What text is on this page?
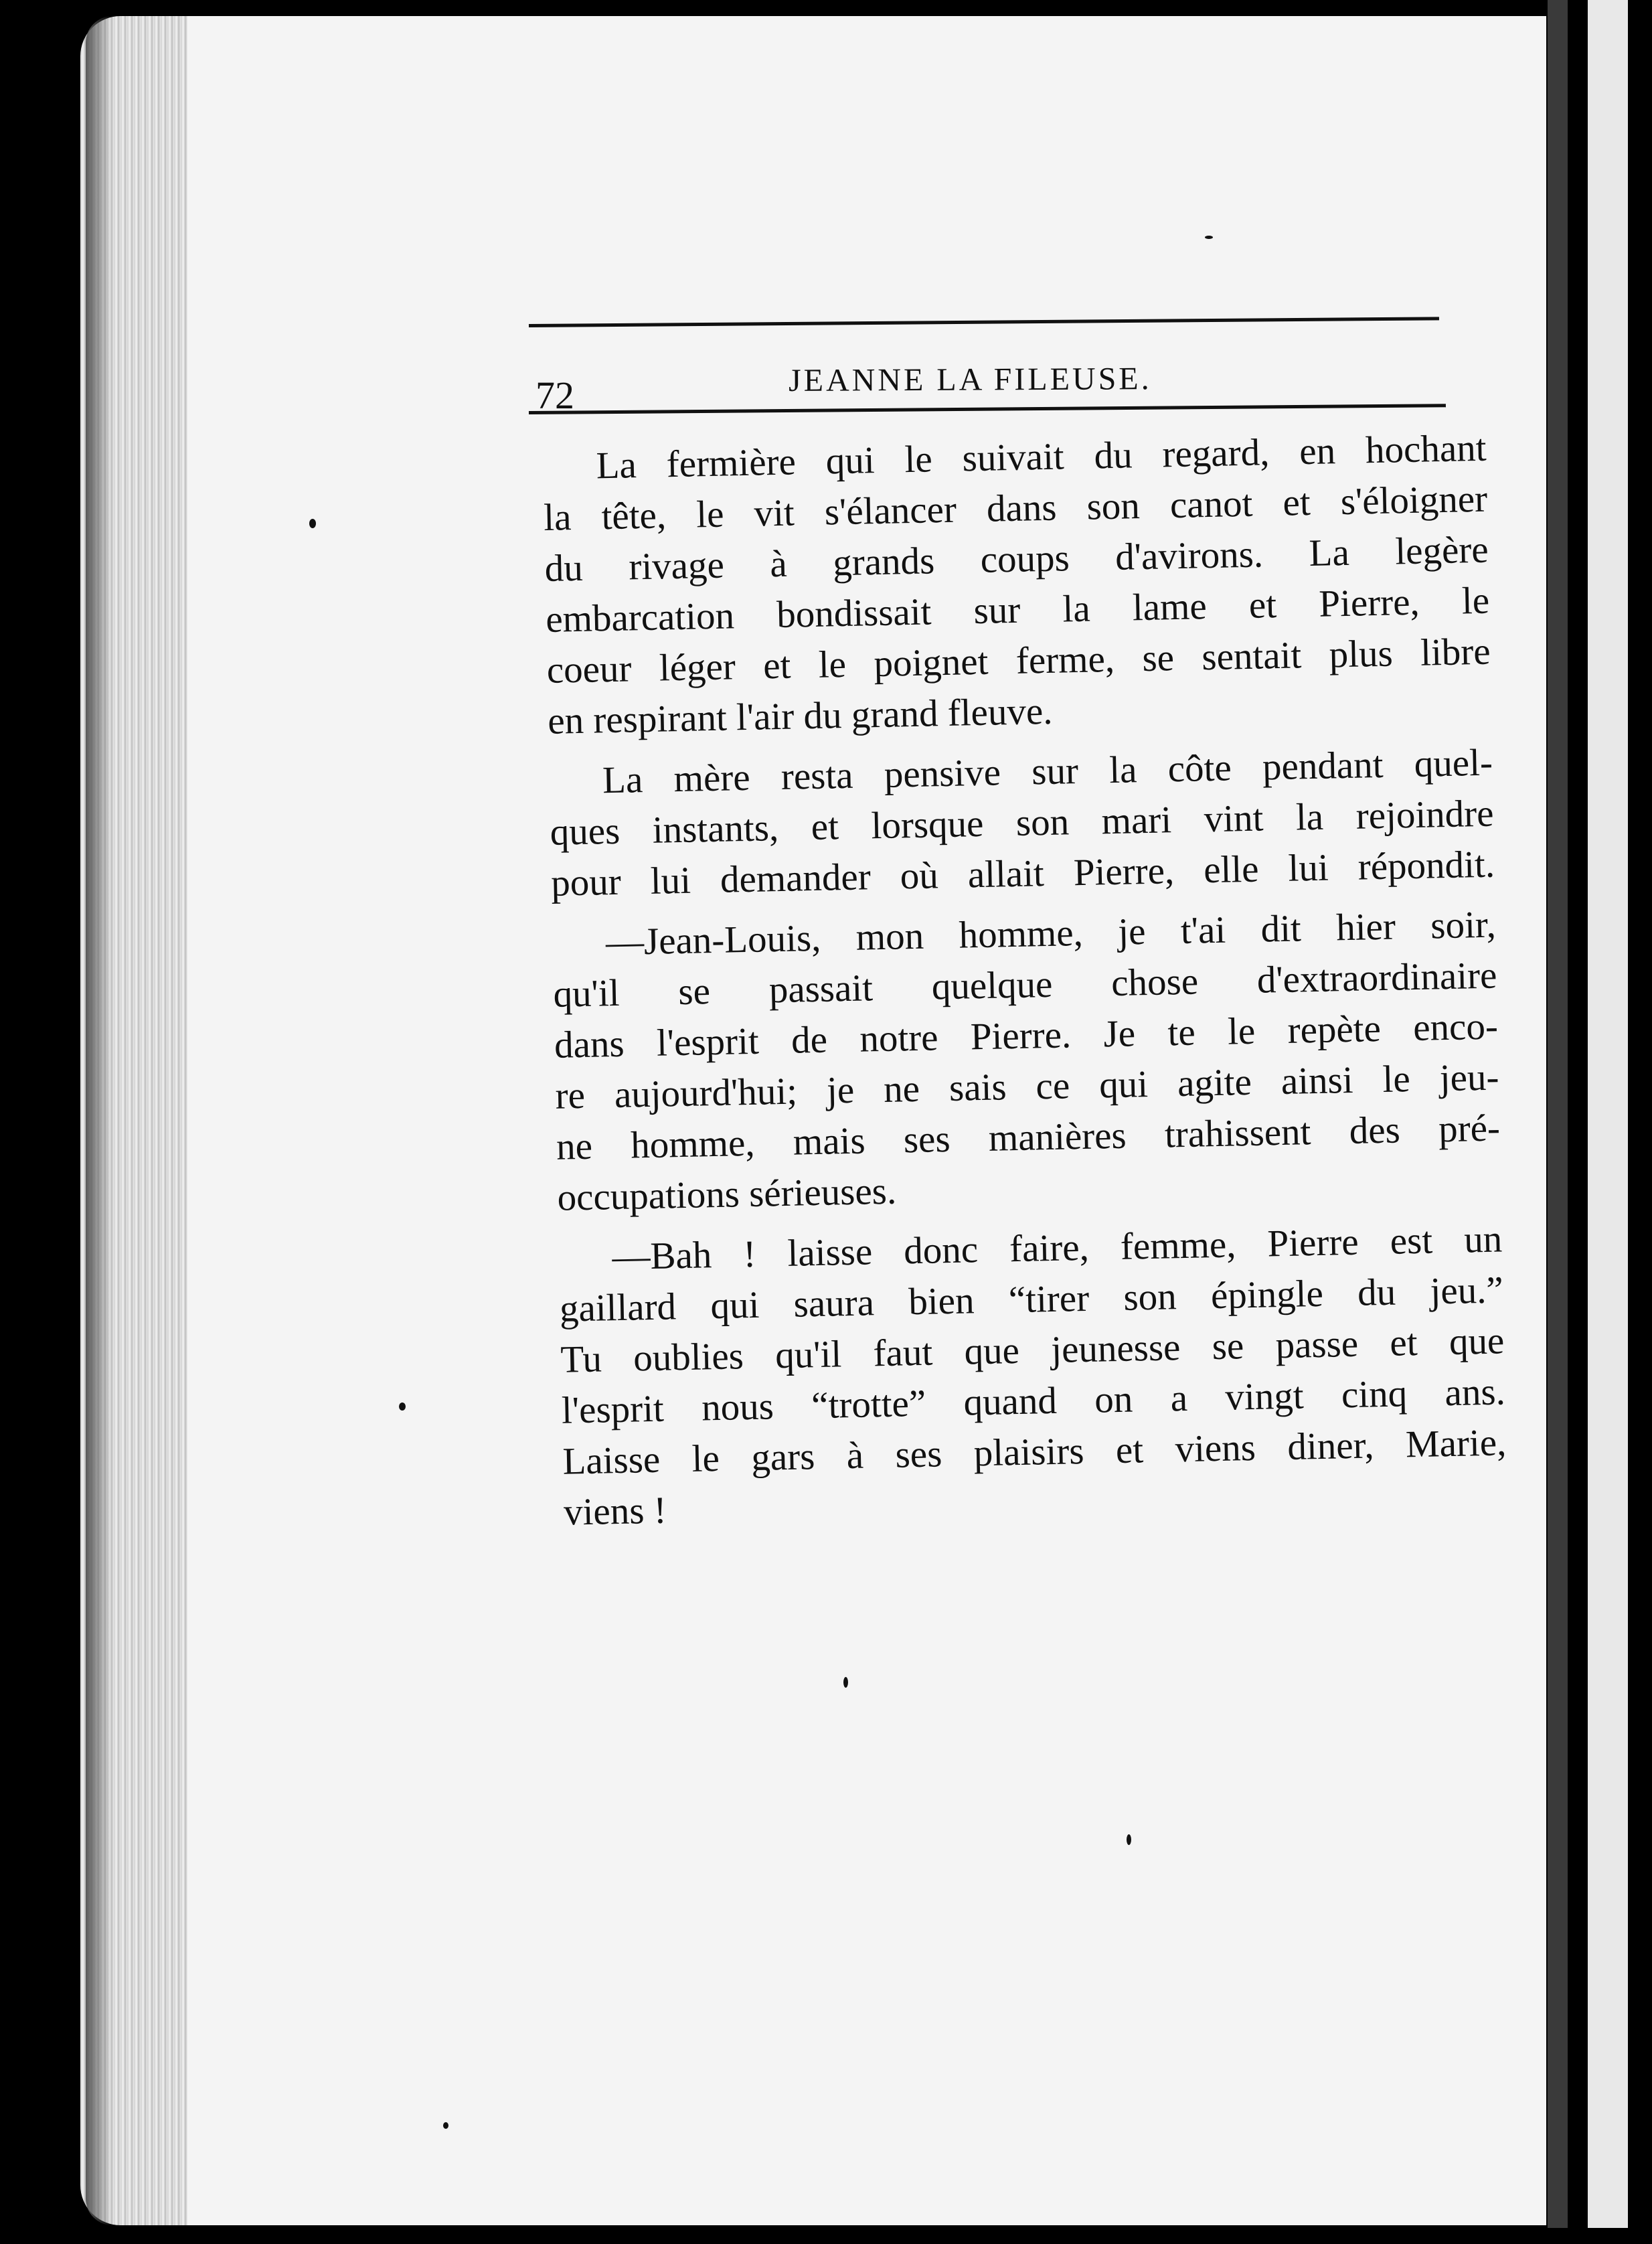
72	JEANNE LA FILEUSE.
La fermière qui le suivait du regard, en hochant
la tête, le vit s'élancer dans son canot et s'éloigner
du rivage à grands coups d'avirons. La legère
embarcation bondissait sur la lame et Pierre, le
coeur léger et le poignet ferme, se sentait plus libre
en respirant l'air du grand fleuve.
La mère resta pensive sur la côte pendant quel-
ques instants, et lorsque son mari vint la rejoindre
pour lui demander où allait Pierre, elle lui répondit.
—Jean-Louis, mon homme, je t'ai dit hier soir,
qu'il se passait quelque chose d'extraordinaire
dans l'esprit de notre Pierre. Je te le repète enco-
re aujourd'hui; je ne sais ce qui agite ainsi le jeu-
ne homme, mais ses manières trahissent des pré-
occupations sérieuses.
—Bah ! laisse donc faire, femme, Pierre est un
gaillard qui saura bien “tirer son épingle du jeu.”
Tu oublies qu'il faut que jeunesse se passe et que
l'esprit nous “trotte” quand on a vingt cinq ans.
Laisse le gars à ses plaisirs et viens diner, Marie,
viens !
